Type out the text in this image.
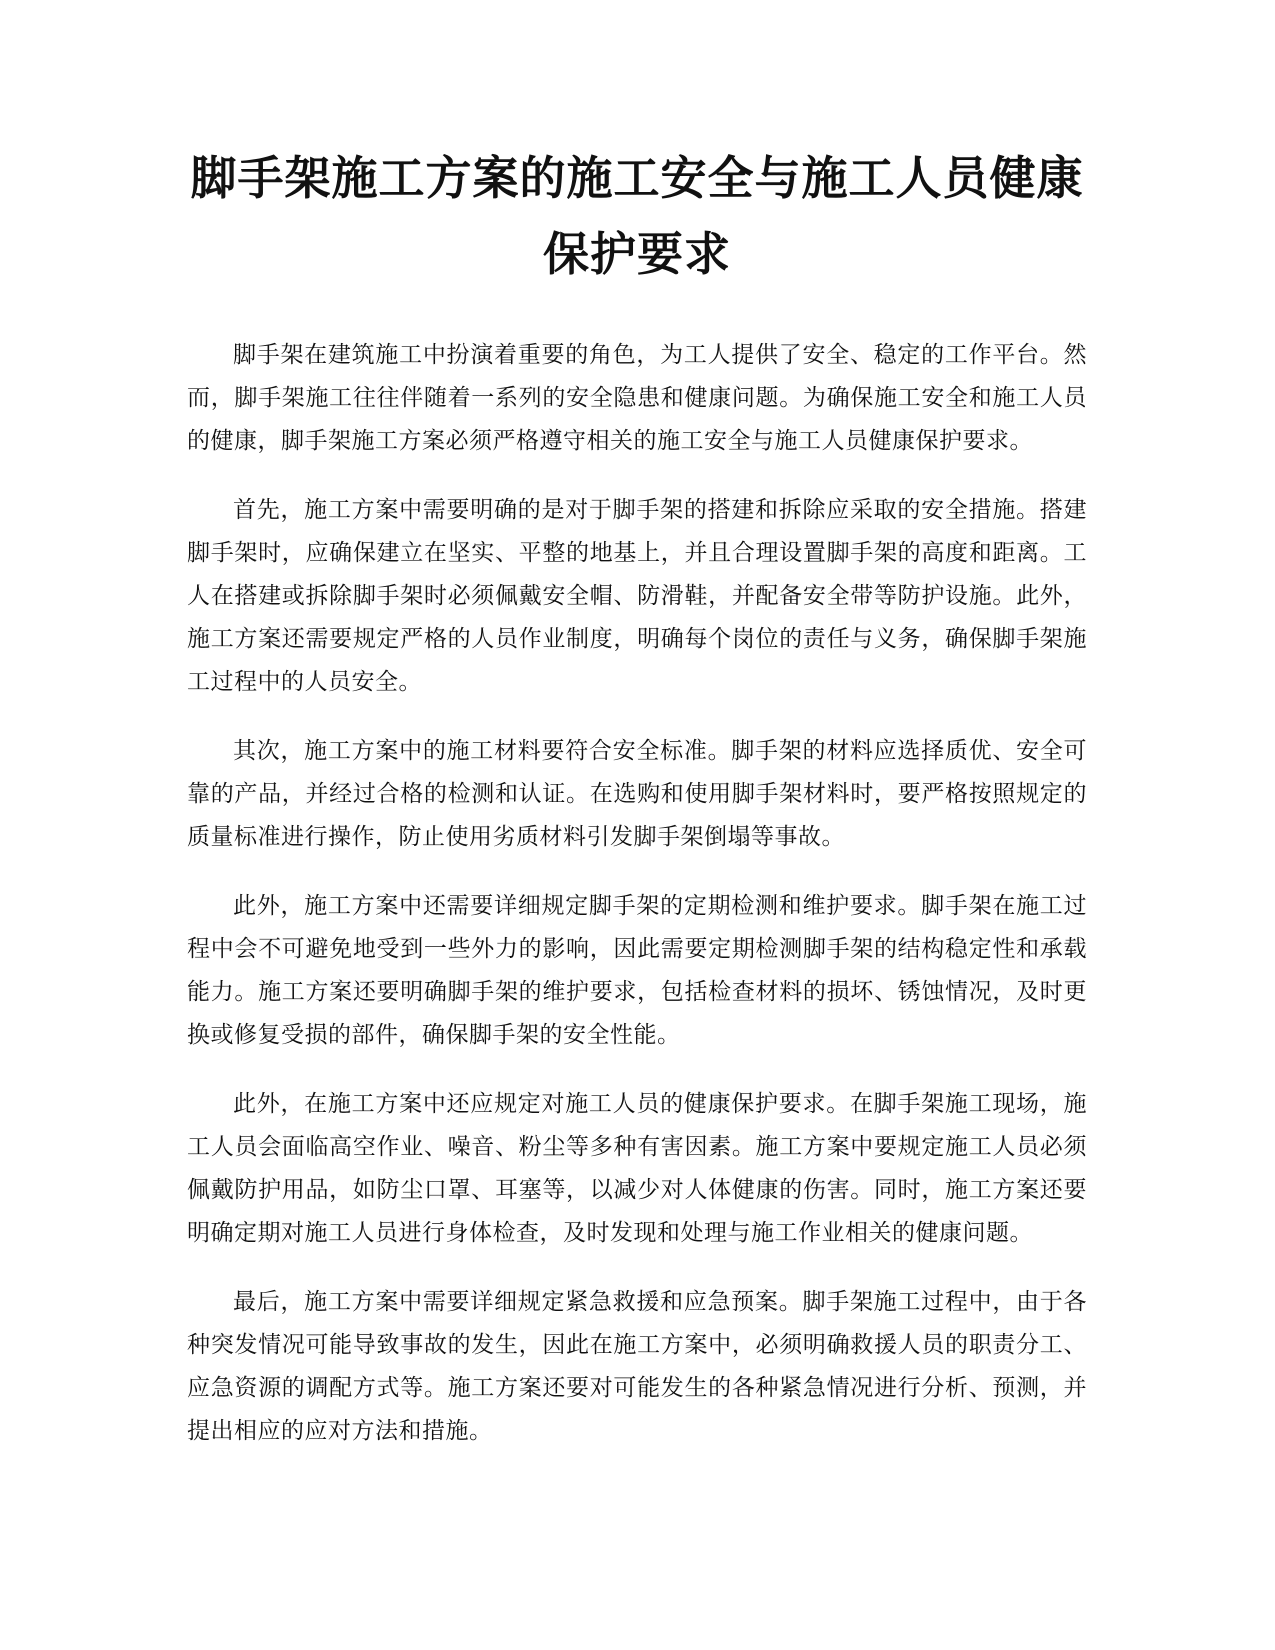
脚手架施工方案的施工安全与施工人员健康
保护要求

脚手架在建筑施工中扮演着重要的角色，为工人提供了安全、稳定的工作平台。然而，脚手架施工往往伴随着一系列的安全隐患和健康问题。为确保施工安全和施工人员的健康，脚手架施工方案必须严格遵守相关的施工安全与施工人员健康保护要求。

首先，施工方案中需要明确的是对于脚手架的搭建和拆除应采取的安全措施。搭建脚手架时，应确保建立在坚实、平整的地基上，并且合理设置脚手架的高度和距离。工人在搭建或拆除脚手架时必须佩戴安全帽、防滑鞋，并配备安全带等防护设施。此外，施工方案还需要规定严格的人员作业制度，明确每个岗位的责任与义务，确保脚手架施工过程中的人员安全。

其次，施工方案中的施工材料要符合安全标准。脚手架的材料应选择质优、安全可靠的产品，并经过合格的检测和认证。在选购和使用脚手架材料时，要严格按照规定的质量标准进行操作，防止使用劣质材料引发脚手架倒塌等事故。

此外，施工方案中还需要详细规定脚手架的定期检测和维护要求。脚手架在施工过程中会不可避免地受到一些外力的影响，因此需要定期检测脚手架的结构稳定性和承载能力。施工方案还要明确脚手架的维护要求，包括检查材料的损坏、锈蚀情况，及时更换或修复受损的部件，确保脚手架的安全性能。

此外，在施工方案中还应规定对施工人员的健康保护要求。在脚手架施工现场，施工人员会面临高空作业、噪音、粉尘等多种有害因素。施工方案中要规定施工人员必须佩戴防护用品，如防尘口罩、耳塞等，以减少对人体健康的伤害。同时，施工方案还要明确定期对施工人员进行身体检查，及时发现和处理与施工作业相关的健康问题。

最后，施工方案中需要详细规定紧急救援和应急预案。脚手架施工过程中，由于各种突发情况可能导致事故的发生，因此在施工方案中，必须明确救援人员的职责分工、应急资源的调配方式等。施工方案还要对可能发生的各种紧急情况进行分析、预测，并提出相应的应对方法和措施。
